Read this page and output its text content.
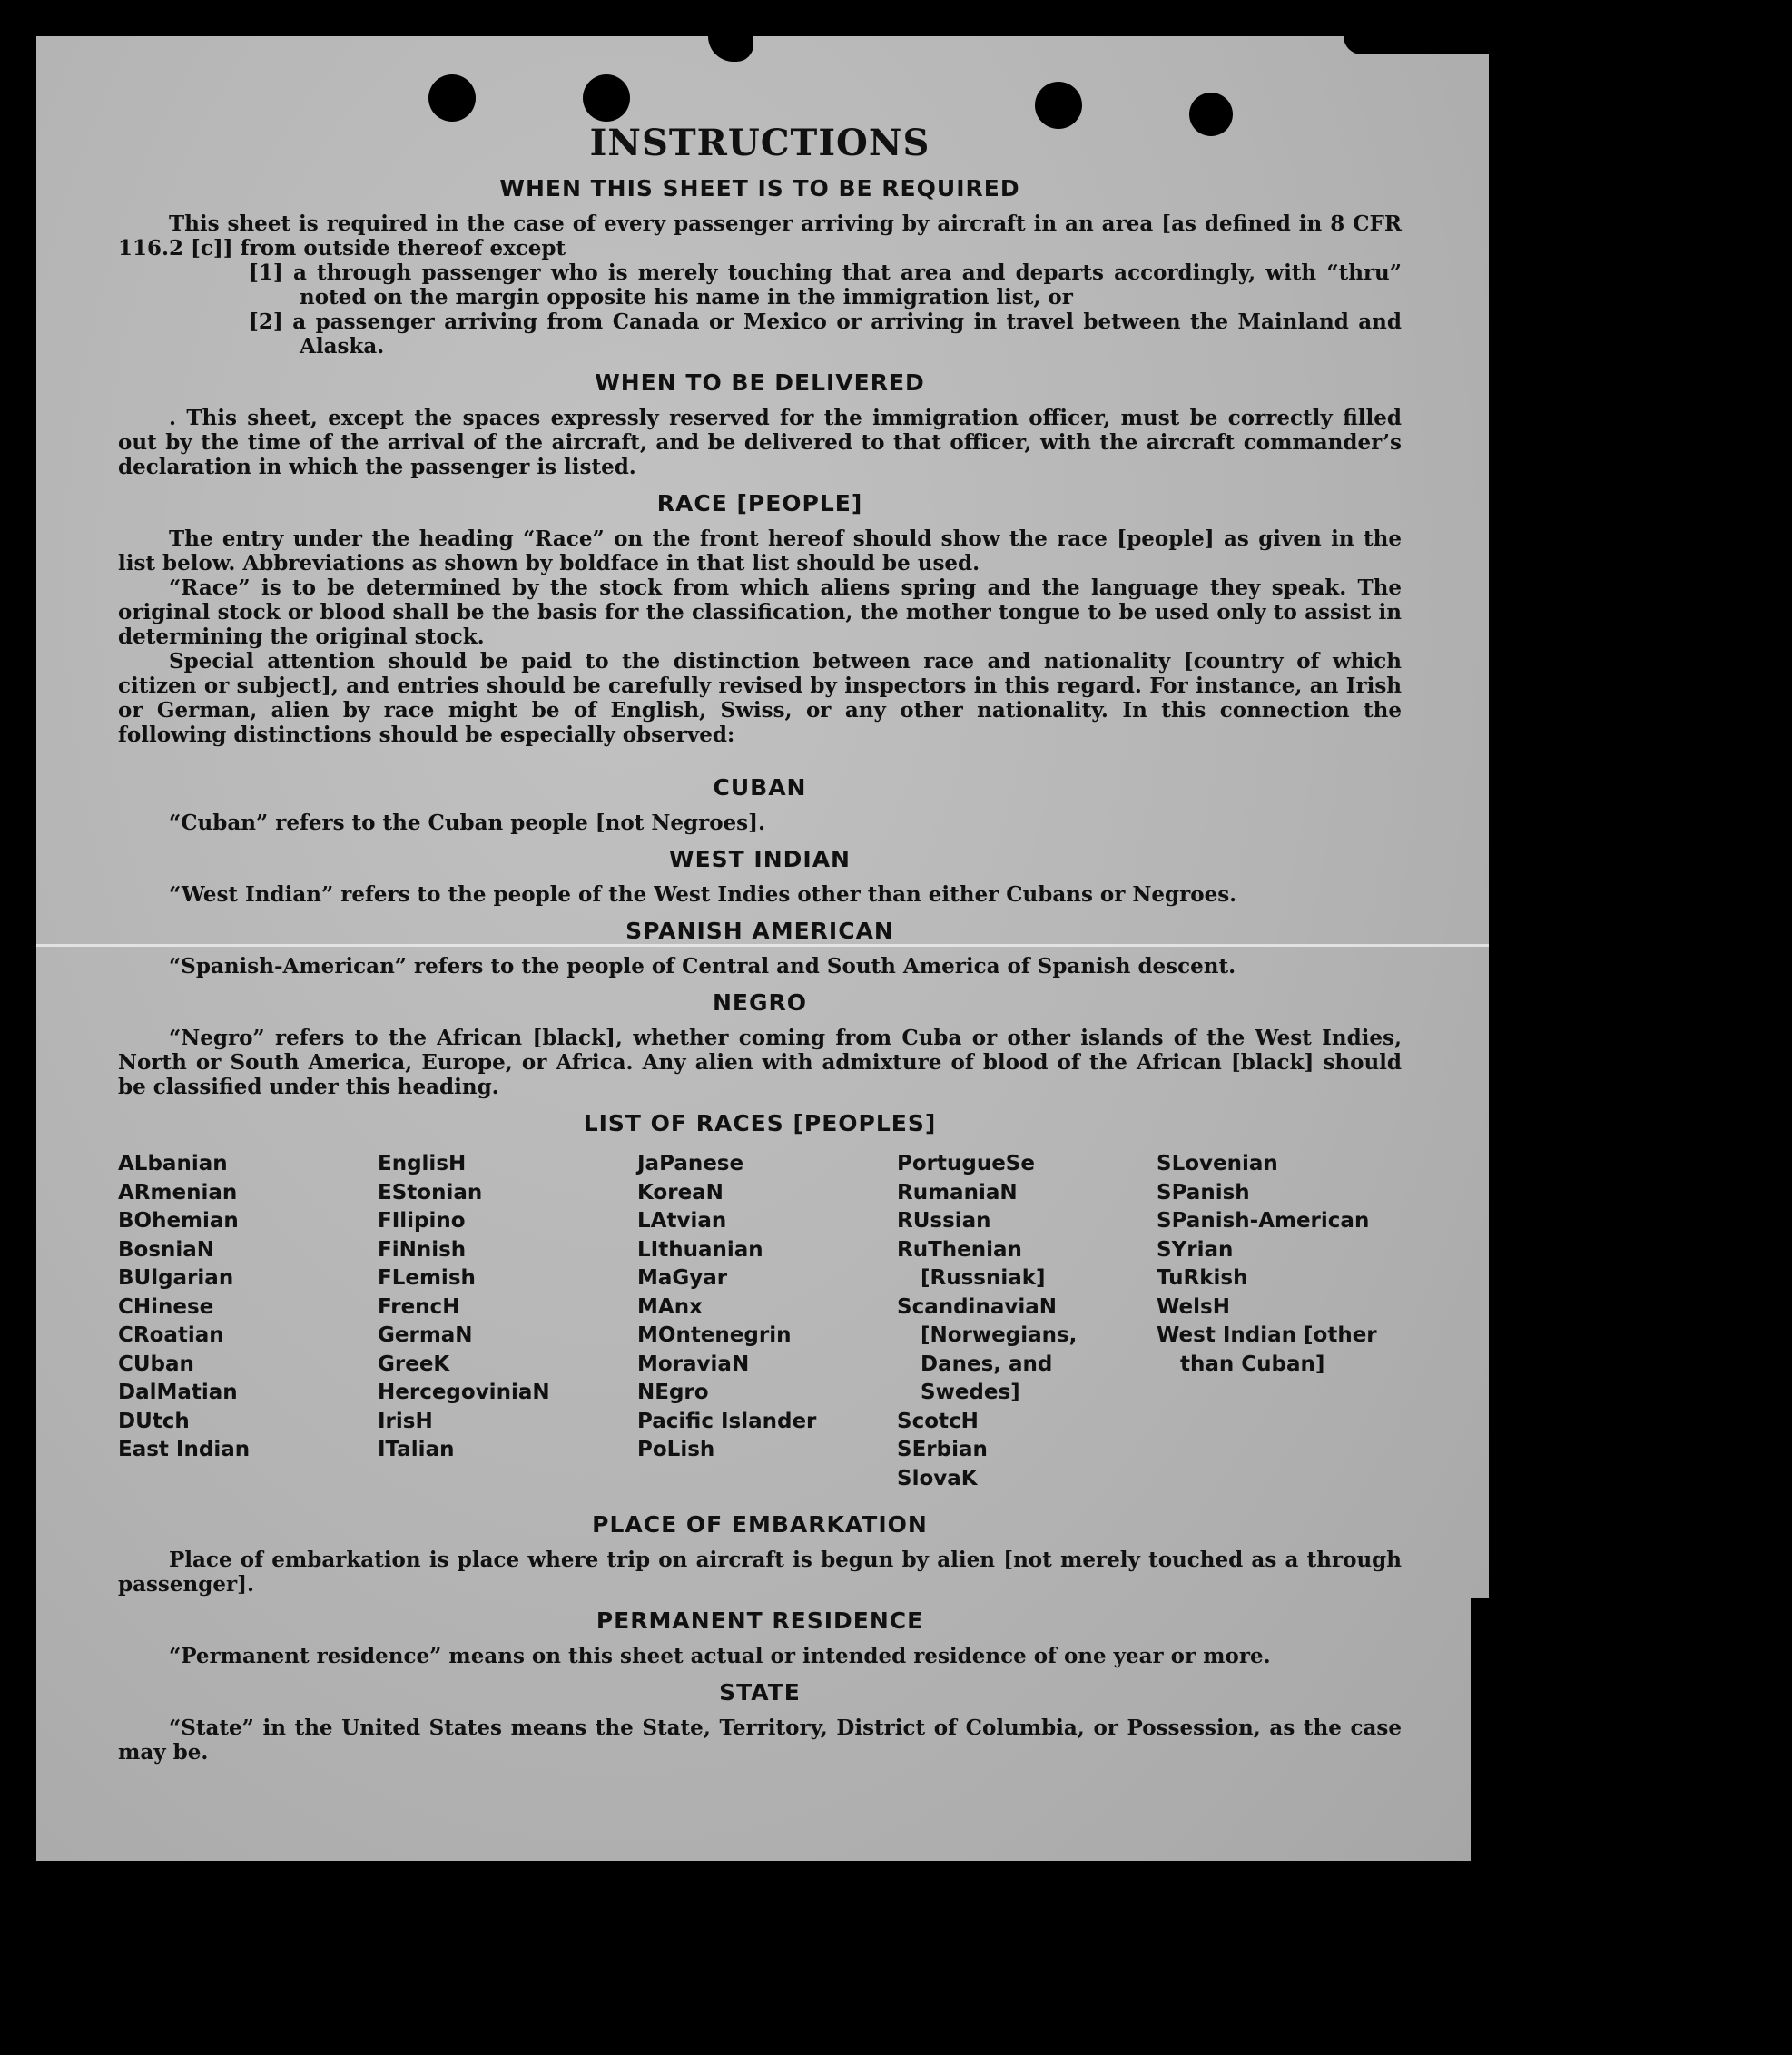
INSTRUCTIONS
WHEN THIS SHEET IS TO BE REQUIRED

This sheet is required in the case of every passenger arriving by aircraft in an area [as defined in 8 CFR 116.2 [c]] from outside thereof except

[1] a through passenger who is merely touching that area and departs accordingly, with “thru” noted on the margin opposite his name in the immigration list, or

[2] a passenger arriving from Canada or Mexico or arriving in travel between the Mainland and Alaska.

WHEN TO BE DELIVERED

. This sheet, except the spaces expressly reserved for the immigration officer, must be correctly filled out by the time of the arrival of the aircraft, and be delivered to that officer, with the aircraft commander’s declaration in which the passenger is listed.

RACE [PEOPLE]

The entry under the heading “Race” on the front hereof should show the race [people] as given in the list below. Abbreviations as shown by boldface in that list should be used.

“Race” is to be determined by the stock from which aliens spring and the language they speak. The original stock or blood shall be the basis for the classification, the mother tongue to be used only to assist in determining the original stock.

Special attention should be paid to the distinction between race and nationality [country of which citizen or subject], and entries should be carefully revised by inspectors in this regard. For instance, an Irish or German, alien by race might be of English, Swiss, or any other nationality. In this connection the following distinctions should be especially observed:

CUBAN

“Cuban” refers to the Cuban people [not Negroes].

WEST INDIAN

“West Indian” refers to the people of the West Indies other than either Cubans or Negroes.

SPANISH AMERICAN

“Spanish-American” refers to the people of Central and South America of Spanish descent.

NEGRO

“Negro” refers to the African [black], whether coming from Cuba or other islands of the West Indies, North or South America, Europe, or Africa. Any alien with admixture of blood of the African [black] should be classified under this heading.

LIST OF RACES [PEOPLES]
ALbanian
ARmenian
BOhemian
BosniaN
BUlgarian
CHinese
CRoatian
CUban
DalMatian
DUtch
East Indian
EnglisH
EStonian
FIlipino
FiNnish
FLemish
FrencH
GermaN
GreeK
HercegoviniaN
IrisH
ITalian
JaPanese
KoreaN
LAtvian
LIthuanian
MaGyar
MAnx
MOntenegrin
MoraviaN
NEgro
Pacific Islander
PoLish
PortugueSe
RumaniaN
RUssian
RuThenian [Russniak]
ScandinaviaN [Norwegians, Danes, and Swedes]
ScotcH
SErbian
SlovaK
SLovenian
SPanish
SPanish-American
SYrian
TuRkish
WelsH
West Indian [other than Cuban]
PLACE OF EMBARKATION

Place of embarkation is place where trip on aircraft is begun by alien [not merely touched as a through passenger].

PERMANENT RESIDENCE

“Permanent residence” means on this sheet actual or intended residence of one year or more.

STATE

“State” in the United States means the State, Territory, District of Columbia, or Possession, as the case may be.
